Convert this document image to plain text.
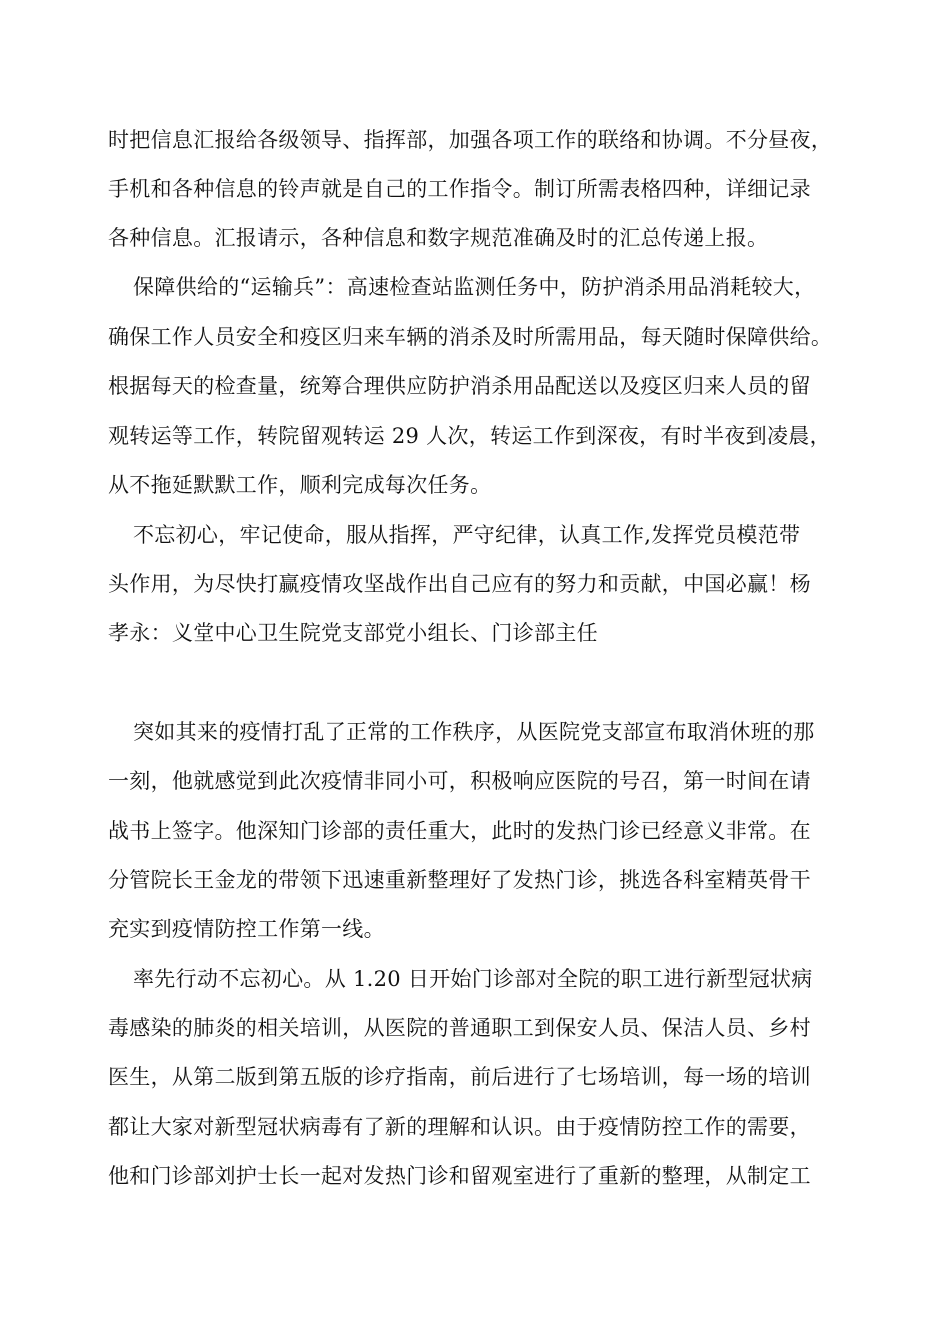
时把信息汇报给各级领导、指挥部，加强各项工作的联络和协调。不分昼夜，
手机和各种信息的铃声就是自己的工作指令。制订所需表格四种，详细记录
各种信息。汇报请示，各种信息和数字规范准确及时的汇总传递上报。
保障供给的“运输兵”：高速检查站监测任务中，防护消杀用品消耗较大，
确保工作人员安全和疫区归来车辆的消杀及时所需用品，每天随时保障供给。
根据每天的检查量，统筹合理供应防护消杀用品配送以及疫区归来人员的留
观转运等工作，转院留观转运 29 人次，转运工作到深夜，有时半夜到凌晨，
从不拖延默默工作，顺利完成每次任务。
不忘初心，牢记使命，服从指挥，严守纪律，认真工作,发挥党员模范带
头作用，为尽快打赢疫情攻坚战作出自己应有的努力和贡献，中国必赢！杨
孝永：义堂中心卫生院党支部党小组长、门诊部主任
突如其来的疫情打乱了正常的工作秩序，从医院党支部宣布取消休班的那
一刻，他就感觉到此次疫情非同小可，积极响应医院的号召，第一时间在请
战书上签字。他深知门诊部的责任重大，此时的发热门诊已经意义非常。在
分管院长王金龙的带领下迅速重新整理好了发热门诊，挑选各科室精英骨干
充实到疫情防控工作第一线。
率先行动不忘初心。从 1.20 日开始门诊部对全院的职工进行新型冠状病
毒感染的肺炎的相关培训，从医院的普通职工到保安人员、保洁人员、乡村
医生，从第二版到第五版的诊疗指南，前后进行了七场培训，每一场的培训
都让大家对新型冠状病毒有了新的理解和认识。由于疫情防控工作的需要，
他和门诊部刘护士长一起对发热门诊和留观室进行了重新的整理，从制定工
